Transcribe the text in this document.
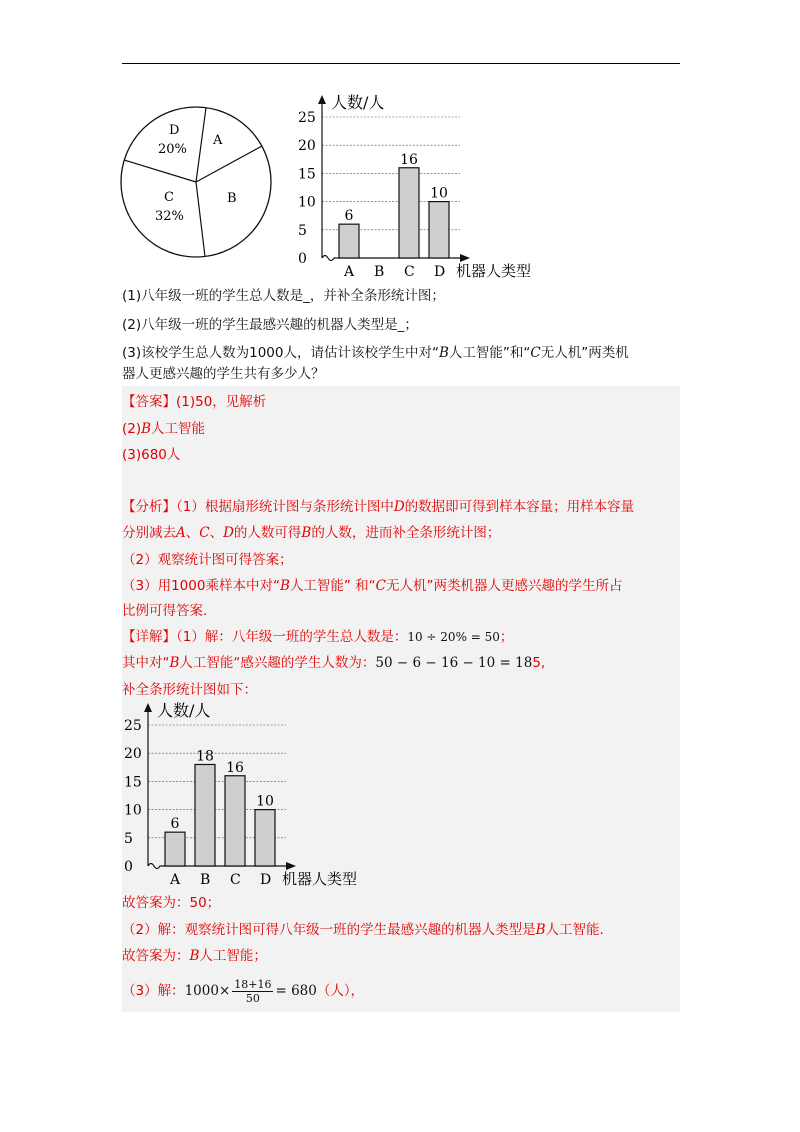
D
20%
A
B
C
32%
0
5
10
15
20
25
人数/人
A
6
B C
16
D
10
机器人类型
(1)八年级一班的学生总人数是_，并补全条形统计图；
(2)八年级一班的学生最感兴趣的机器人类型是_；
(3)该校学生总人数为1000人，请估计该校学生中对“B人工智能”和“C无人机”两类机
器人更感兴趣的学生共有多少人？
【答案】(1)50，见解析
(2)B人工智能
(3)680人
【分析】（1）根据扇形统计图与条形统计图中D的数据即可得到样本容量；用样本容量
分别减去A、C、D的人数可得B的人数，进而补全条形统计图；
（2）观察统计图可得答案；
（3）用1000乘样本中对“B人工智能” 和“C无人机”两类机器人更感兴趣的学生所占
比例可得答案.
【详解】（1）解：八年级一班的学生总人数是：10 ÷ 20% = 50；
其中对“B人工智能“感兴趣的学生人数为：50 − 6 − 16 − 10 = 185,
补全条形统计图如下：
0
5
10
15
20
25
人数/人
A
6
B
18
C
16
D
10
机器人类型
故答案为：50；
（2）解：观察统计图可得八年级一班的学生最感兴趣的机器人类型是B人工智能.
故答案为：B人工智能；
（3）解：$1000\times \frac{18+16}{50} = 680$（人），
